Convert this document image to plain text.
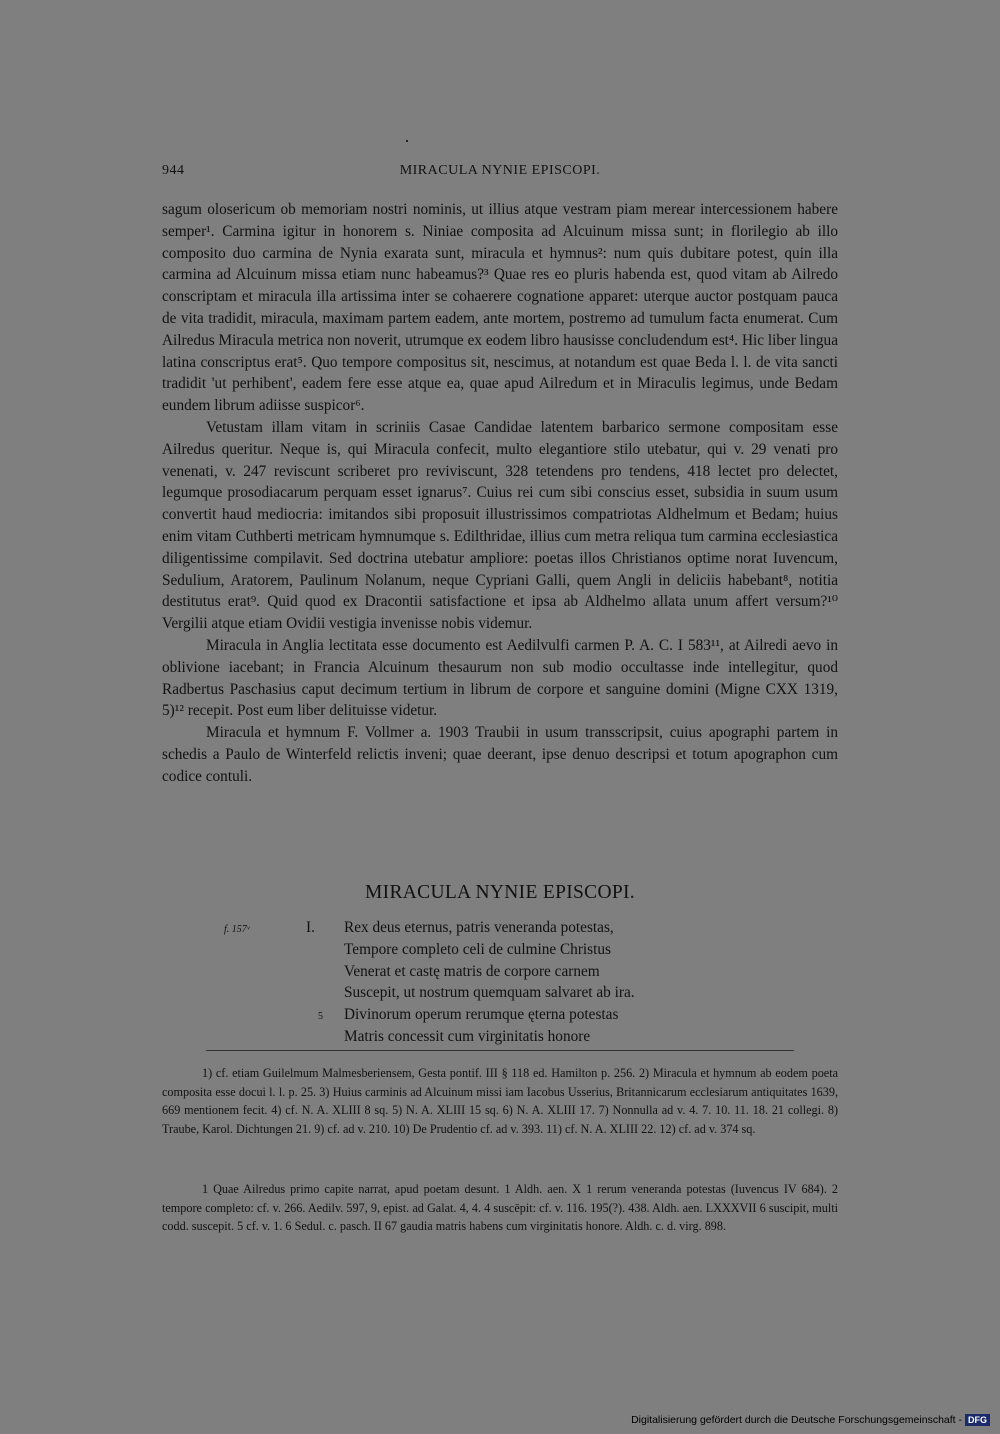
944	MIRACULA NYNIE EPISCOPI.

sagum olosericum ob memoriam nostri nominis, ut illius atque vestram piam merear intercessionem habere semper¹. Carmina igitur in honorem s. Niniae composita ad Alcuinum missa sunt; in florilegio ab illo composito duo carmina de Nynia exarata sunt, miracula et hymnus²: num quis dubitare potest, quin illa carmina ad Alcuinum missa etiam nunc habeamus?³ Quae res eo pluris habenda est, quod vitam ab Ailredo conscriptam et miracula illa artissima inter se cohaerere cognatione apparet: uterque auctor postquam pauca de vita tradidit, miracula, maximam partem eadem, ante mortem, postremo ad tumulum facta enumerat. Cum Ailredus Miracula metrica non noverit, utrumque ex eodem libro hausisse concludendum est⁴. Hic liber lingua latina conscriptus erat⁵. Quo tempore compositus sit, nescimus, at notandum est quae Beda l. l. de vita sancti tradidit 'ut perhibent', eadem fere esse atque ea, quae apud Ailredum et in Miraculis legimus, unde Bedam eundem librum adiisse suspicor⁶.

Vetustam illam vitam in scriniis Casae Candidae latentem barbarico sermone compositam esse Ailredus queritur. Neque is, qui Miracula confecit, multo elegantiore stilo utebatur, qui v. 29 venati pro venenati, v. 247 reviscunt scriberet pro reviviscunt, 328 tetendens pro tendens, 418 lectet pro delectet, legumque prosodiacarum perquam esset ignarus⁷. Cuius rei cum sibi conscius esset, subsidia in suum usum convertit haud mediocria: imitandos sibi proposuit illustrissimos compatriotas Aldhelmum et Bedam; huius enim vitam Cuthberti metricam hymnumque s. Edilthridae, illius cum metra reliqua tum carmina ecclesiastica diligentissime compilavit. Sed doctrina utebatur ampliore: poetas illos Christianos optime norat Iuvencum, Sedulium, Aratorem, Paulinum Nolanum, neque Cypriani Galli, quem Angli in deliciis habebant⁸, notitia destitutus erat⁹. Quid quod ex Dracontii satisfactione et ipsa ab Aldhelmo allata unum affert versum?¹⁰ Vergilii atque etiam Ovidii vestigia invenisse nobis videmur.

Miracula in Anglia lectitata esse documento est Aedilvulfi carmen P. A. C. I 583¹¹, at Ailredi aevo in oblivione iacebant; in Francia Alcuinum thesaurum non sub modio occultasse inde intellegitur, quod Radbertus Paschasius caput decimum tertium in librum de corpore et sanguine domini (Migne CXX 1319, 5)¹² recepit. Post eum liber delituisse videtur.

Miracula et hymnum F. Vollmer a. 1903 Traubii in usum transscripsit, cuius apographi partem in schedis a Paulo de Winterfeld relictis inveni; quae deerant, ipse denuo descripsi et totum apographon cum codice contuli.

MIRACULA NYNIE EPISCOPI.
f. 157ᵛ	I. Rex deus eternus, patris veneranda potestas,
Tempore completo celi de culmine Christus
Venerat et castę matris de corpore carnem
Suscepit, ut nostrum quemquam salvaret ab ira.
5 Divinorum operum rerumque ęterna potestas
Matris concessit cum virginitatis honore

1) cf. etiam Guilelmum Malmesberiensem, Gesta pontif. III § 118 ed. Hamilton p. 256. 2) Miracula et hymnum ab eodem poeta composita esse docui l. l. p. 25. 3) Huius carminis ad Alcuinum missi iam Iacobus Usserius, Britannicarum ecclesiarum antiquitates 1639, 669 mentionem fecit. 4) cf. N. A. XLIII 8 sq. 5) N. A. XLIII 15 sq. 6) N. A. XLIII 17. 7) Nonnulla ad v. 4. 7. 10. 11. 18. 21 collegi. 8) Traube, Karol. Dichtungen 21. 9) cf. ad v. 210. 10) De Prudentio cf. ad v. 393. 11) cf. N. A. XLIII 22. 12) cf. ad v. 374 sq.

1 Quae Ailredus primo capite narrat, apud poetam desunt. 1 Aldh. aen. X 1 rerum veneranda potestas (Iuvencus IV 684). 2 tempore completo: cf. v. 266. Aedilv. 597, 9, epist. ad Galat. 4, 4. 4 suscēpit: cf. v. 116. 195(?). 438. Aldh. aen. LXXXVII 6 suscipit, multi codd. suscepit. 5 cf. v. 1. 6 Sedul. c. pasch. II 67 gaudia matris habens cum virginitatis honore. Aldh. c. d. virg. 898.

Digitalisierung gefördert durch die Deutsche Forschungsgemeinschaft - DFG
